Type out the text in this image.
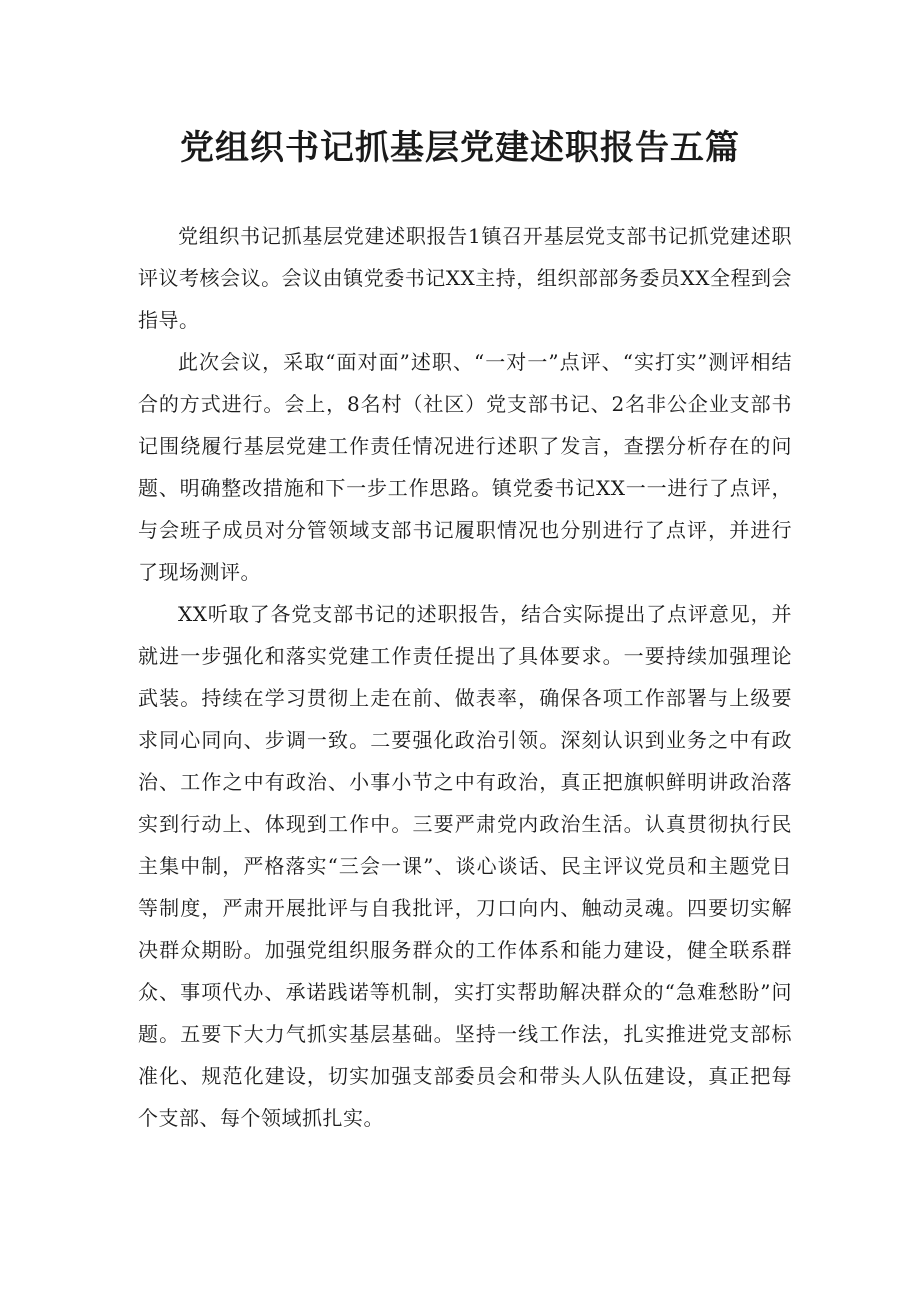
党组织书记抓基层党建述职报告五篇

党组织书记抓基层党建述职报告1镇召开基层党支部书记抓党建述职评议考核会议。会议由镇党委书记XX主持，组织部部务委员XX全程到会指导。

此次会议，采取“面对面”述职、“一对一”点评、“实打实”测评相结合的方式进行。会上，8名村（社区）党支部书记、2名非公企业支部书记围绕履行基层党建工作责任情况进行述职了发言，查摆分析存在的问题、明确整改措施和下一步工作思路。镇党委书记XX一一进行了点评，与会班子成员对分管领域支部书记履职情况也分别进行了点评，并进行了现场测评。

XX听取了各党支部书记的述职报告，结合实际提出了点评意见，并就进一步强化和落实党建工作责任提出了具体要求。一要持续加强理论武装。持续在学习贯彻上走在前、做表率，确保各项工作部署与上级要求同心同向、步调一致。二要强化政治引领。深刻认识到业务之中有政治、工作之中有政治、小事小节之中有政治，真正把旗帜鲜明讲政治落实到行动上、体现到工作中。三要严肃党内政治生活。认真贯彻执行民主集中制，严格落实“三会一课”、谈心谈话、民主评议党员和主题党日等制度，严肃开展批评与自我批评，刀口向内、触动灵魂。四要切实解决群众期盼。加强党组织服务群众的工作体系和能力建设，健全联系群众、事项代办、承诺践诺等机制，实打实帮助解决群众的“急难愁盼”问题。五要下大力气抓实基层基础。坚持一线工作法，扎实推进党支部标准化、规范化建设，切实加强支部委员会和带头人队伍建设，真正把每个支部、每个领域抓扎实。
